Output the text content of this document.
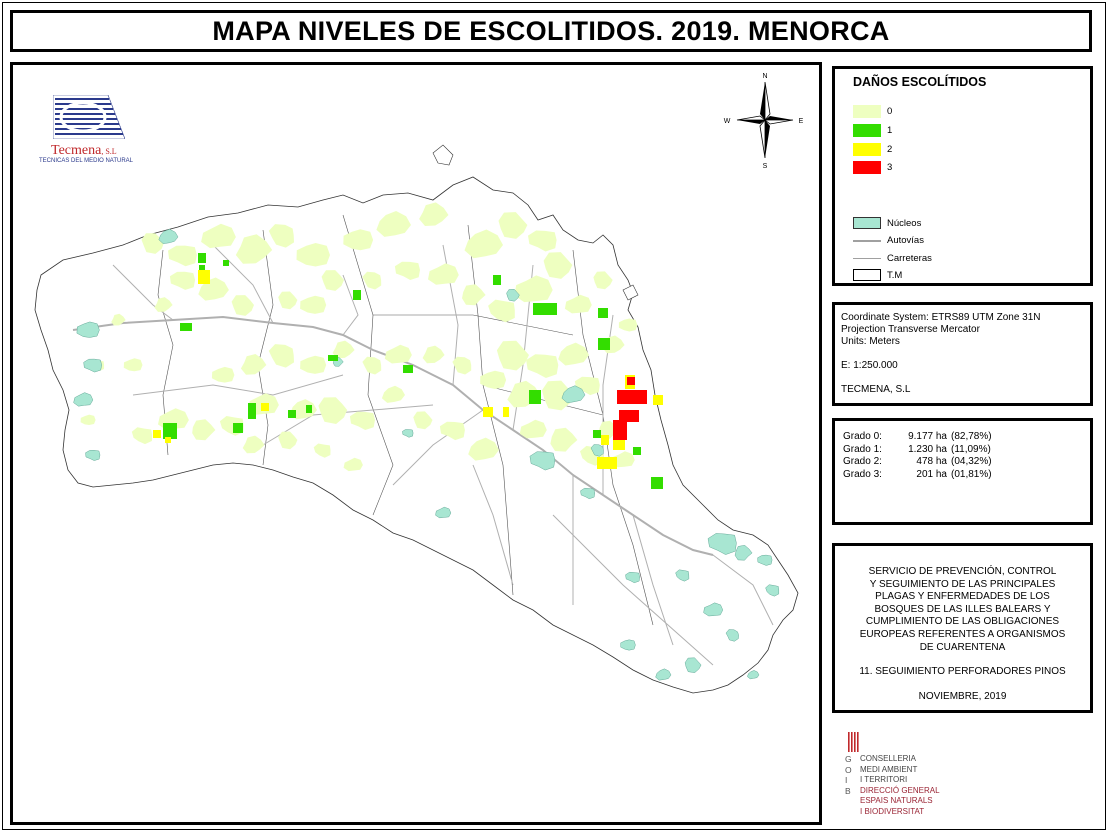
MAPA NIVELES DE ESCOLITIDOS. 2019. MENORCA
N
S
E
W
Tecmena, S.L
TECNICAS DEL MEDIO NATURAL
DAÑOS ESCOLÍTIDOS
0
1
2
3
Núcleos
Autovías
Carreteras
T.M
Coordinate System: ETRS89 UTM Zone 31N
Projection Transverse Mercator
Units: Meters
E: 1:250.000
TECMENA, S.L
Grado 0:	9.177 ha (82,78%)
Grado 1:	1.230 ha (11,09%)
Grado 2:	478 ha (04,32%)
Grado 3:	201 ha (01,81%)
SERVICIO DE PREVENCIÓN, CONTROL
Y SEGUIMIENTO DE LAS PRINCIPALES
PLAGAS Y ENFERMEDADES DE LOS
BOSQUES DE LAS ILLES BALEARS Y
CUMPLIMIENTO DE LAS OBLIGACIONES
EUROPEAS REFERENTES A ORGANISMOS
DE CUARENTENA
11. SEGUIMIENTO PERFORADORES PINOS
NOVIEMBRE, 2019
G
O
I
B
CONSELLERIA
MEDI AMBIENT
I TERRITORI
DIRECCIÓ GENERAL
ESPAIS NATURALS
I BIODIVERSITAT
